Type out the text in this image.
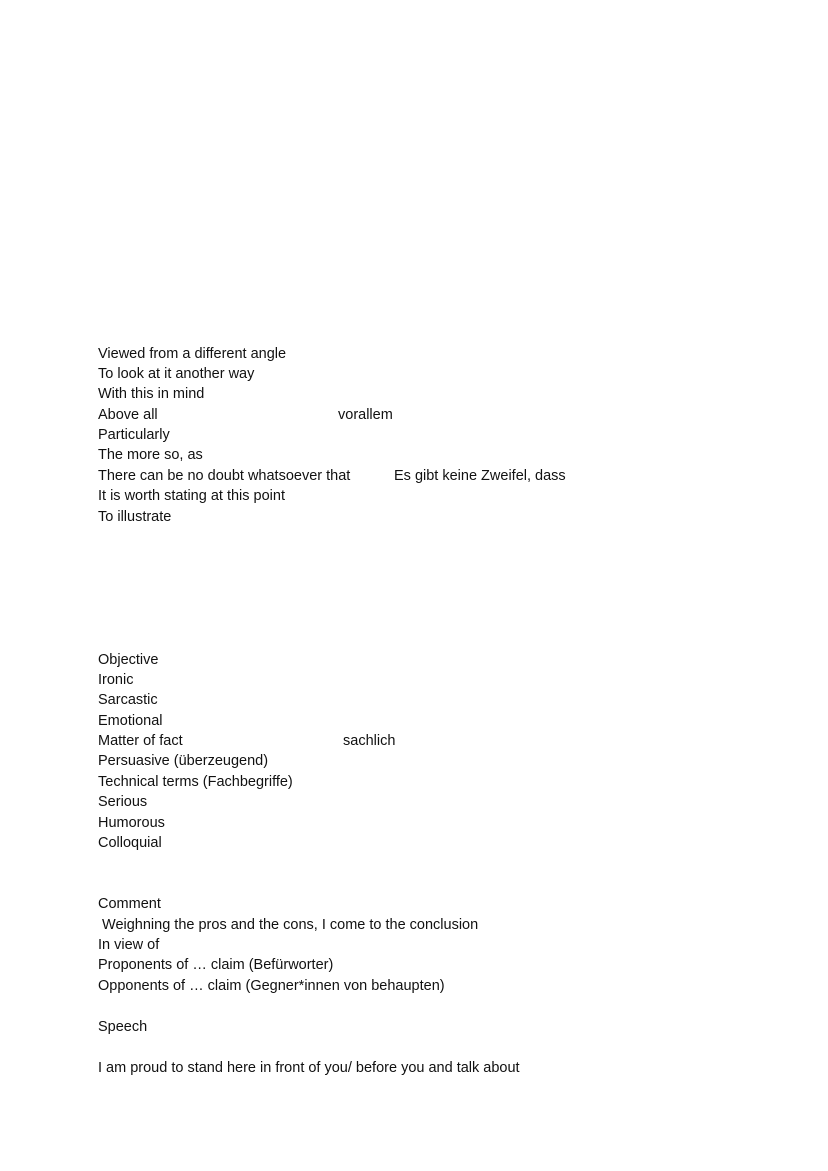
Viewed from a different angle
To look at it another way
With this in mind
Above all	vorallem
Particularly
The more so, as
There can be no doubt whatsoever that	Es gibt keine Zweifel, dass
It is worth stating at this point
To illustrate
Objective
Ironic
Sarcastic
Emotional
Matter of fact	sachlich
Persuasive (überzeugend)
Technical terms (Fachbegriffe)
Serious
Humorous
Colloquial
Comment
Weighning the pros and the cons, I come to the conclusion
In view of
Proponents of … claim (Befürworter)
Opponents of … claim (Gegner*innen von behaupten)
Speech
I am proud to stand here in front of you/ before you and talk about
